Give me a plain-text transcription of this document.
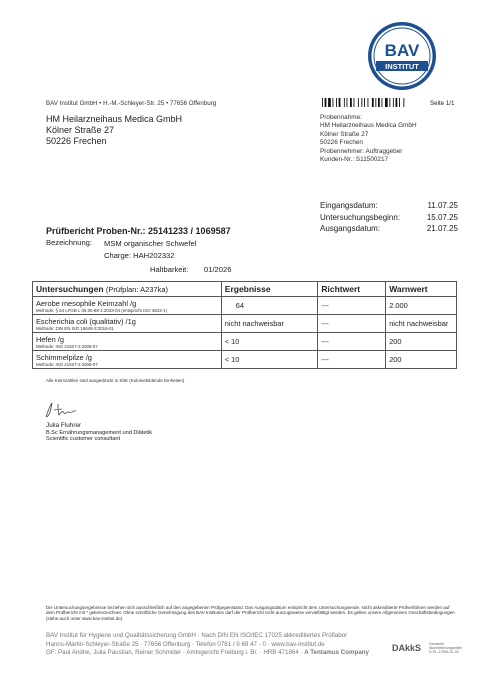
BAV
INSTITUT
BAV Institut GmbH • H.-M.-Schleyer-Str. 25 • 77656 Offenburg	Seite 1/1
HM Heilarzneihaus Medica GmbH
Kölner Straße 27
50226 Frechen
Probennahme:
HM Heilarzneihaus Medica GmbH
Kölner Straße 27
50226 Frechen
Probennehmer: Auftraggeber
Kunden-Nr.: S11500217
Eingangsdatum:	11.07.25
Untersuchungsbeginn:	15.07.25
Ausgangsdatum:	21.07.25
Prüfbericht Proben-Nr.: 25141233 / 1069587
Bezeichnung: MSM organischer Schwefel
Charge: HAH202332
Haltbarkeit: 01/2026
Untersuchungen (Prüfplan: A237ka)	Ergebnisse	Richtwert	Warnwert
Aerobe mesophile Keimzahl /g
Methode: § 64 LFGB L 06.00-88-1:2023-04 (entspricht ISO 4833-1)	64	---	2.000
Escherichia coli (qualitativ) /1g
Methode: DIN EN ISO 16649-3:2016-01	nicht nachweisbar	---	nicht nachweisbar
Hefen /g
Methode: ISO 21527-2:2008-07	< 10	---	200
Schimmelpilze /g
Methode: ISO 21527-2:2008-07	< 10	---	200
Alle Keimzahlen sind ausgedrückt in KbE (Koloniebildende Einheiten)
Julia Fluhrer
B.Sc Ernährungsmanagement und Diätetik
Scientific customer consultant
Die Untersuchungsergebnisse beziehen sich ausschließlich auf den angegebenen Prüfgegenstand. Das Ausgangsdatum entspricht dem Untersuchungsende. Nicht akkreditierte Prüfverfahren werden auf dem Prüfbericht mit * gekennzeichnet. Ohne schriftliche Genehmigung des BAV Institutes darf der Prüfbericht nicht auszugsweise vervielfältigt werden. Es gelten unsere Allgemeinen Geschäftsbedingungen (siehe auch unter www.bav-institut.de).
BAV Institut für Hygiene und Qualitätssicherung GmbH · Nach DIN EN ISO/IEC 17025 akkreditiertes Prüflabor
Hanns-Martin-Schleyer-Straße 25 · 77656 Offenburg · Telefon 0781 / 9 69 47 - 0 · www.bav-institut.de
GF: Paul Andrei, Julia Paustian, Reiner Schmider · Amtsgericht Freiburg i. Br. · HRB 471864 · A Tentamus Company	DAkkS Deutsche
Akkreditierungsstelle
D-PL-17956-01-00
